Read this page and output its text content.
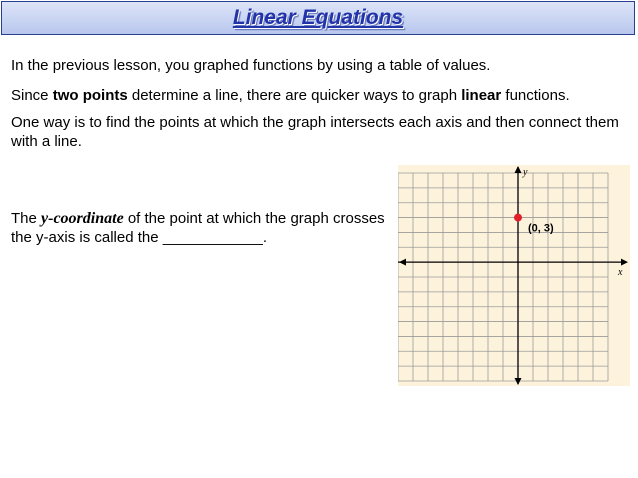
Linear Equations
In the previous lesson, you graphed functions by using a table of values.
Since two points determine a line, there are quicker ways to graph linear functions.
One way is to find the points at which the graph intersects each axis and then connect them with a line.
The y-coordinate of the point at which the graph crosses the y-axis is called the ____________.
x
y
(0, 3)
